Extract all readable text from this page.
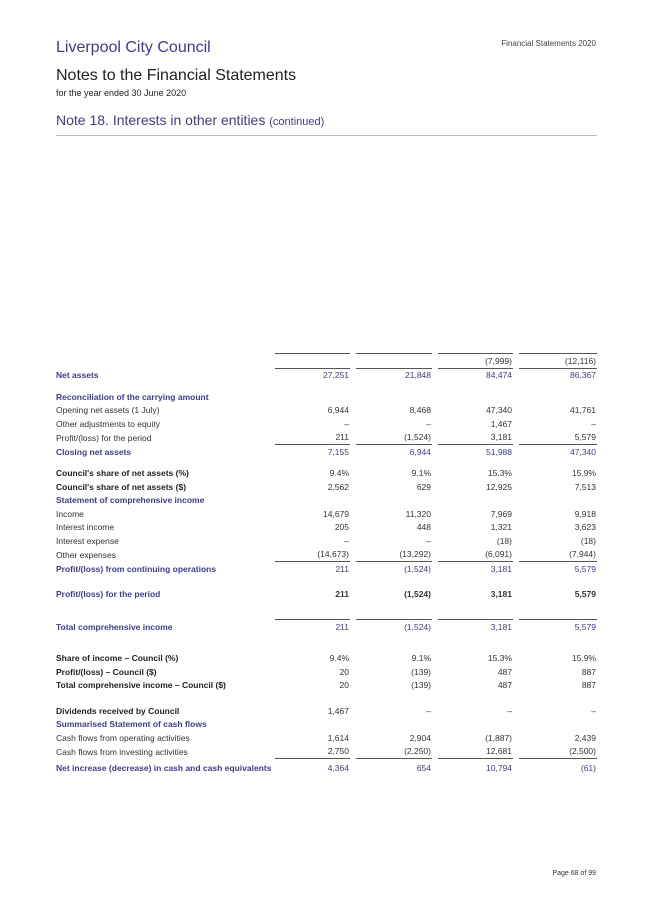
Liverpool City Council	Financial Statements 2020
Notes to the Financial Statements
for the year ended 30 June 2020
Note 18. Interests in other entities (continued)
			(7,999)	(12,116)
Net assets	27,251	21,848	84,474	86,367

Reconciliation of the carrying amount				
Opening net assets (1 July)	6,944	8,468	47,340	41,761
Other adjustments to equity	–	–	1,467	–
Profit/(loss) for the period	211	(1,524)	3,181	5,579
Closing net assets	7,155	6,944	51,988	47,340

Council's share of net assets (%)	9.4%	9.1%	15.3%	15.9%
Council's share of net assets ($)	2,562	629	12,925	7,513
Statement of comprehensive income				
Income	14,679	11,320	7,969	9,918
Interest income	205	448	1,321	3,623
Interest expense	–	–	(18)	(18)
Other expenses	(14,673)	(13,292)	(6,091)	(7,944)
Profit/(loss) from continuing operations	211	(1,524)	3,181	5,579

Profit/(loss) for the period	211	(1,524)	3,181	5,579

Total comprehensive income	211	(1,524)	3,181	5,579

Share of income – Council (%)	9.4%	9.1%	15.3%	15.9%
Profit/(loss) – Council ($)	20	(139)	487	887
Total comprehensive income – Council ($)	20	(139)	487	887

Dividends received by Council	1,467	–	–	–
Summarised Statement of cash flows				
Cash flows from operating activities	1,614	2,904	(1,887)	2,439
Cash flows from investing activities	2,750	(2,250)	12,681	(2,500)
Net increase (decrease) in cash and cash equivalents	4,364	654	10,794	(61)
Page 68 of 99
